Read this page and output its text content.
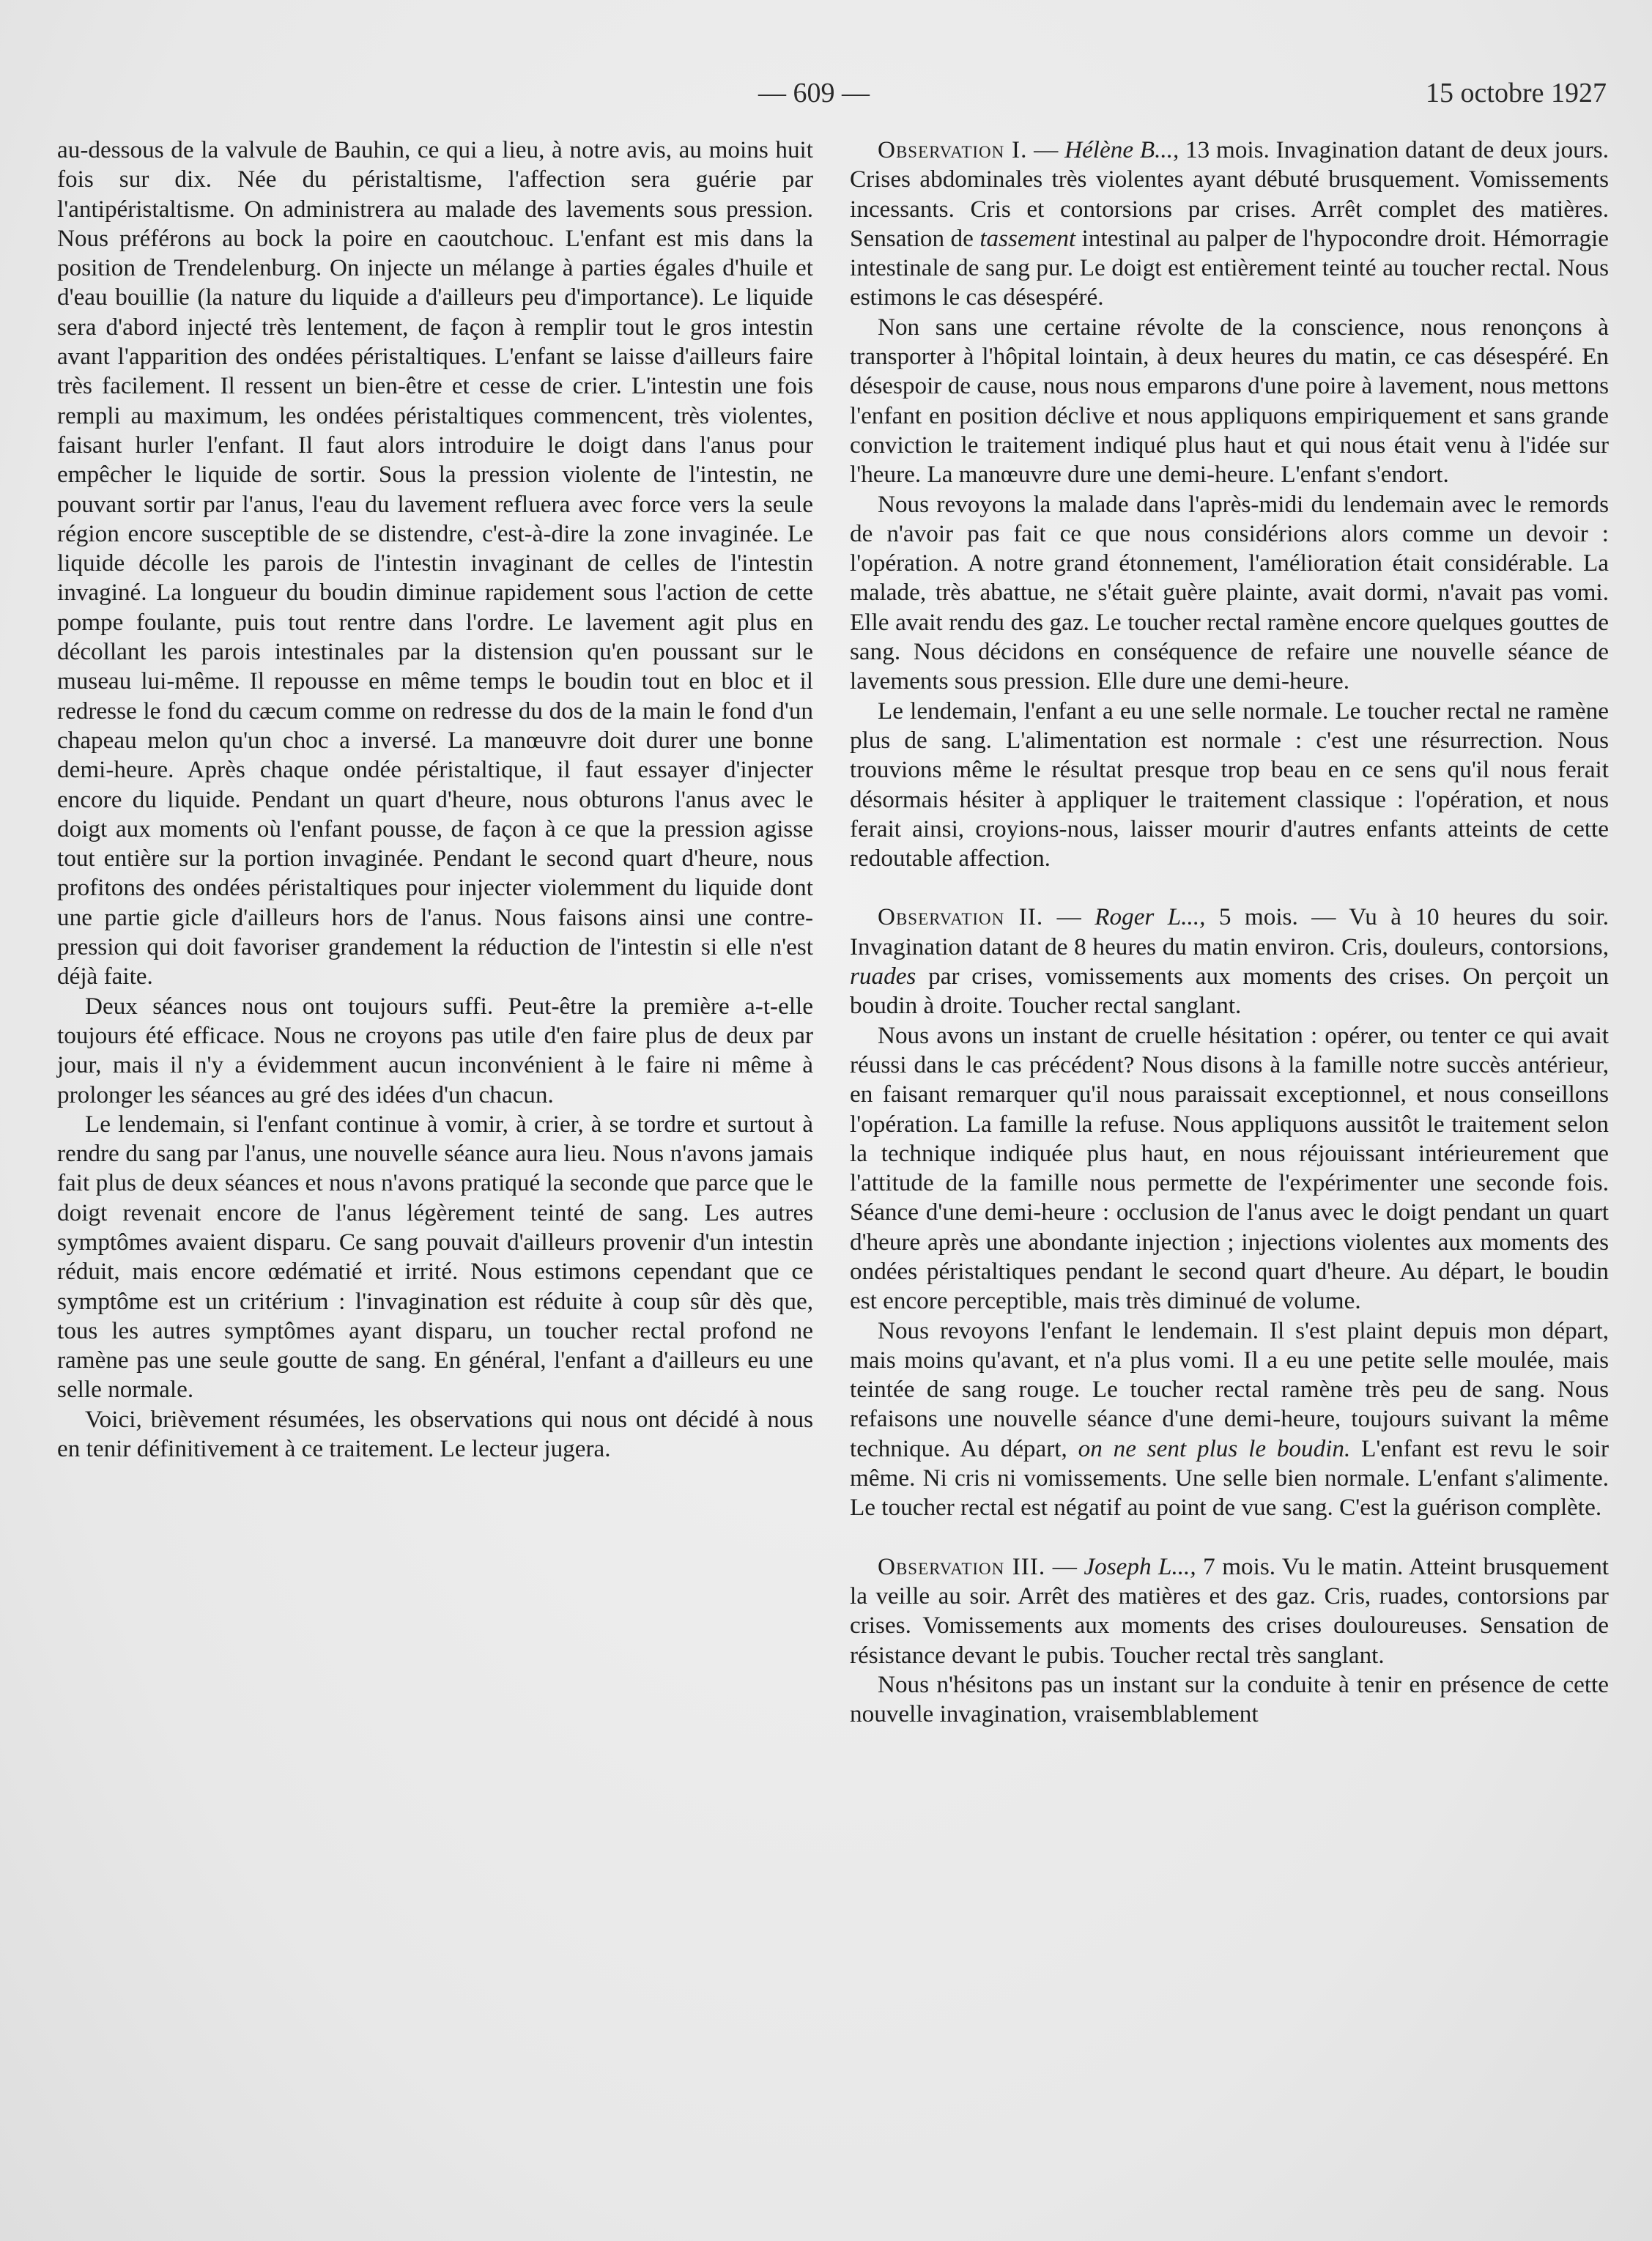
— 609 —	15 octobre 1927

au-dessous de la valvule de Bauhin, ce qui a lieu, à notre avis, au moins huit fois sur dix. Née du péristaltisme, l'affection sera guérie par l'antipéristaltisme. On administrera au malade des lavements sous pression. Nous préférons au bock la poire en caoutchouc. L'enfant est mis dans la position de Trendelenburg. On injecte un mélange à parties égales d'huile et d'eau bouillie (la nature du liquide a d'ailleurs peu d'importance). Le liquide sera d'abord injecté très lentement, de façon à remplir tout le gros intestin avant l'apparition des ondées péristaltiques. L'enfant se laisse d'ailleurs faire très facilement. Il ressent un bien-être et cesse de crier. L'intestin une fois rempli au maximum, les ondées péristaltiques commencent, très violentes, faisant hurler l'enfant. Il faut alors introduire le doigt dans l'anus pour empêcher le liquide de sortir. Sous la pression violente de l'intestin, ne pouvant sortir par l'anus, l'eau du lavement refluera avec force vers la seule région encore susceptible de se distendre, c'est-à-dire la zone invaginée. Le liquide décolle les parois de l'intestin invaginant de celles de l'intestin invaginé. La longueur du boudin diminue rapidement sous l'action de cette pompe foulante, puis tout rentre dans l'ordre. Le lavement agit plus en décollant les parois intestinales par la distension qu'en poussant sur le museau lui-même. Il repousse en même temps le boudin tout en bloc et il redresse le fond du cæcum comme on redresse du dos de la main le fond d'un chapeau melon qu'un choc a inversé. La manœuvre doit durer une bonne demi-heure. Après chaque ondée péristaltique, il faut essayer d'injecter encore du liquide. Pendant un quart d'heure, nous obturons l'anus avec le doigt aux moments où l'enfant pousse, de façon à ce que la pression agisse tout entière sur la portion invaginée. Pendant le second quart d'heure, nous profitons des ondées péristaltiques pour injecter violemment du liquide dont une partie gicle d'ailleurs hors de l'anus. Nous faisons ainsi une contre-pression qui doit favoriser grandement la réduction de l'intestin si elle n'est déjà faite.

Deux séances nous ont toujours suffi. Peut-être la première a-t-elle toujours été efficace. Nous ne croyons pas utile d'en faire plus de deux par jour, mais il n'y a évidemment aucun inconvénient à le faire ni même à prolonger les séances au gré des idées d'un chacun.

Le lendemain, si l'enfant continue à vomir, à crier, à se tordre et surtout à rendre du sang par l'anus, une nouvelle séance aura lieu. Nous n'avons jamais fait plus de deux séances et nous n'avons pratiqué la seconde que parce que le doigt revenait encore de l'anus légèrement teinté de sang. Les autres symptômes avaient disparu. Ce sang pouvait d'ailleurs provenir d'un intestin réduit, mais encore œdématié et irrité. Nous estimons cependant que ce symptôme est un critérium : l'invagination est réduite à coup sûr dès que, tous les autres symptômes ayant disparu, un toucher rectal profond ne ramène pas une seule goutte de sang. En général, l'enfant a d'ailleurs eu une selle normale.

Voici, brièvement résumées, les observations qui nous ont décidé à nous en tenir définitivement à ce traitement. Le lecteur jugera.

Observation I. — Hélène B..., 13 mois. Invagination datant de deux jours. Crises abdominales très violentes ayant débuté brusquement. Vomissements incessants. Cris et contorsions par crises. Arrêt complet des matières. Sensation de tassement intestinal au palper de l'hypocondre droit. Hémorragie intestinale de sang pur. Le doigt est entièrement teinté au toucher rectal. Nous estimons le cas désespéré.

Non sans une certaine révolte de la conscience, nous renonçons à transporter à l'hôpital lointain, à deux heures du matin, ce cas désespéré. En désespoir de cause, nous nous emparons d'une poire à lavement, nous mettons l'enfant en position déclive et nous appliquons empiriquement et sans grande conviction le traitement indiqué plus haut et qui nous était venu à l'idée sur l'heure. La manœuvre dure une demi-heure. L'enfant s'endort.

Nous revoyons la malade dans l'après-midi du lendemain avec le remords de n'avoir pas fait ce que nous considérions alors comme un devoir : l'opération. A notre grand étonnement, l'amélioration était considérable. La malade, très abattue, ne s'était guère plainte, avait dormi, n'avait pas vomi. Elle avait rendu des gaz. Le toucher rectal ramène encore quelques gouttes de sang. Nous décidons en conséquence de refaire une nouvelle séance de lavements sous pression. Elle dure une demi-heure.

Le lendemain, l'enfant a eu une selle normale. Le toucher rectal ne ramène plus de sang. L'alimentation est normale : c'est une résurrection. Nous trouvions même le résultat presque trop beau en ce sens qu'il nous ferait désormais hésiter à appliquer le traitement classique : l'opération, et nous ferait ainsi, croyions-nous, laisser mourir d'autres enfants atteints de cette redoutable affection.

Observation II. — Roger L..., 5 mois. — Vu à 10 heures du soir. Invagination datant de 8 heures du matin environ. Cris, douleurs, contorsions, ruades par crises, vomissements aux moments des crises. On perçoit un boudin à droite. Toucher rectal sanglant.

Nous avons un instant de cruelle hésitation : opérer, ou tenter ce qui avait réussi dans le cas précédent? Nous disons à la famille notre succès antérieur, en faisant remarquer qu'il nous paraissait exceptionnel, et nous conseillons l'opération. La famille la refuse. Nous appliquons aussitôt le traitement selon la technique indiquée plus haut, en nous réjouissant intérieurement que l'attitude de la famille nous permette de l'expérimenter une seconde fois. Séance d'une demi-heure : occlusion de l'anus avec le doigt pendant un quart d'heure après une abondante injection ; injections violentes aux moments des ondées péristaltiques pendant le second quart d'heure. Au départ, le boudin est encore perceptible, mais très diminué de volume.

Nous revoyons l'enfant le lendemain. Il s'est plaint depuis mon départ, mais moins qu'avant, et n'a plus vomi. Il a eu une petite selle moulée, mais teintée de sang rouge. Le toucher rectal ramène très peu de sang. Nous refaisons une nouvelle séance d'une demi-heure, toujours suivant la même technique. Au départ, on ne sent plus le boudin. L'enfant est revu le soir même. Ni cris ni vomissements. Une selle bien normale. L'enfant s'alimente. Le toucher rectal est négatif au point de vue sang. C'est la guérison complète.

Observation III. — Joseph L..., 7 mois. Vu le matin. Atteint brusquement la veille au soir. Arrêt des matières et des gaz. Cris, ruades, contorsions par crises. Vomissements aux moments des crises douloureuses. Sensation de résistance devant le pubis. Toucher rectal très sanglant.

Nous n'hésitons pas un instant sur la conduite à tenir en présence de cette nouvelle invagination, vraisemblablement
